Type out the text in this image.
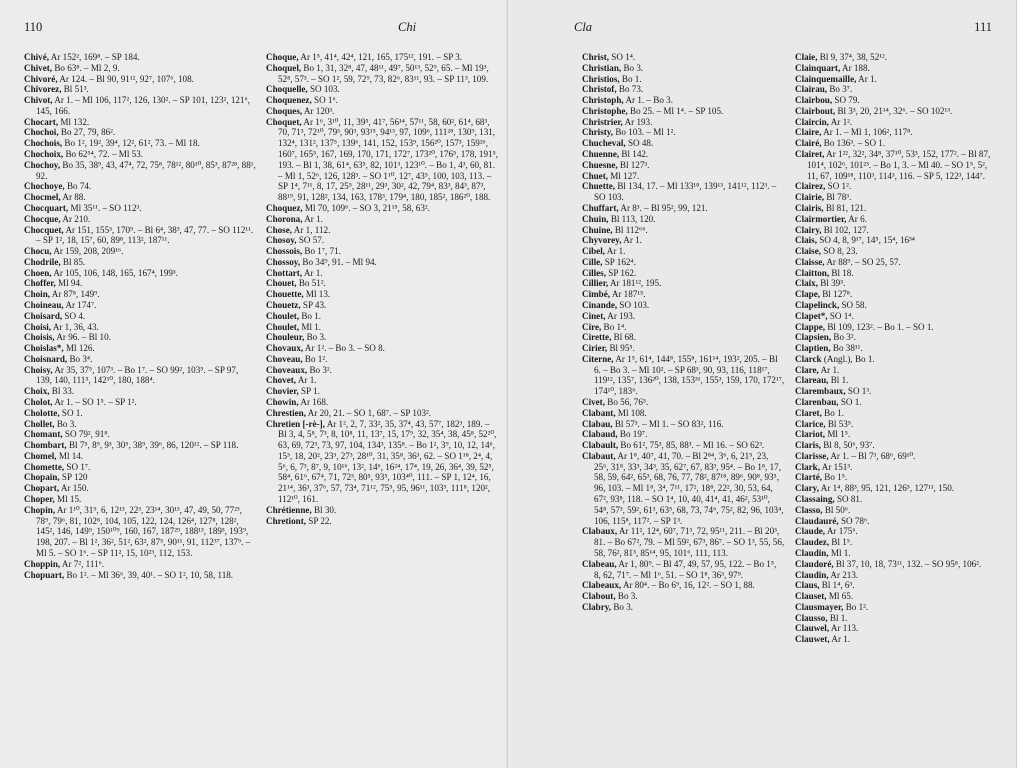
110	Chi
Chivé, Ar 152², 169⁸. – SP 184.
Chivet, Bo 63⁸. – Ml 2, 9.
Chivoré, Ar 124. – Bl 90, 91¹², 92⁷, 107⁶, 108.
Chivorez, Bl 51³.
Chivot, Ar 1. – Ml 106, 117², 126, 130². – SP 101, 123², 121⁶, 145, 166.
Chocart, Ml 132.
Chochoi, Bo 27, 79, 86².
Chochois, Bo 1², 19², 39⁴, 12², 61², 73. – Ml 18.
Chochoix, Bo 62⁵⁴, 72. – Ml 53.
Chochoy, Bo 35, 38⁹, 43, 47⁴, 72, 75⁸, 78¹², 80¹⁰, 85³, 87²⁸, 88¹, 92.
Chochoye, Bo 74.
Chocmel, Ar 88.
Chocquart, Ml 35¹¹. – SO 112³.
Chocque, Ar 210.
Chocquet, Ar 151, 155³, 170⁹. – Bl 6⁴, 38³, 47, 77. – SO 112¹¹. – SP 1², 18, 15⁷, 60, 89⁸, 113², 187¹¹.
Chocu, Ar 159, 208, 209¹⁶.
Chodrile, Bl 85.
Choen, Ar 105, 106, 148, 165, 167⁴, 199³.
Choffer, Ml 94.
Choin, Ar 87⁸, 149⁹.
Choineau, Ar 174⁷.
Choisard, SO 4.
Choisi, Ar 1, 36, 43.
Choisis, Ar 96. – Bl 10.
Choislas*, Ml 126.
Choisnard, Bo 3⁴.
Choisy, Ar 35, 37⁵, 107³. – Bo 1⁷. – SO 99², 103⁵. – SP 97, 139, 140, 111⁵, 142¹⁰, 180, 188⁴.
Choix, Bl 33.
Cholot, Ar 1. – SO 1⁵. – SP 1².
Cholotte, SO 1.
Chollet, Bo 3.
Chomant, SO 79², 91⁸.
Chombart, Bl 7⁵, 8⁹, 9³, 30⁵, 38⁹, 39⁶, 86, 120¹². – SP 118.
Chomel, Ml 14.
Chomette, SO 1⁷.
Chopain, SP 120
Chopart, Ar 150.
Choper, Ml 15.
Chopin, Ar 1¹⁰, 31⁹, 6, 12¹³, 22³, 23¹⁴, 30¹³, 47, 49, 50, 77²³, 78⁹, 79⁶, 81, 102⁸, 104, 105, 122, 124, 126⁴, 127⁸, 128², 145², 146, 149⁹, 150¹⁰⁹, 160, 167, 187²⁹, 188¹³, 189³, 193⁹, 198, 207. – Bl 1², 36², 51², 63², 87⁵, 90¹¹, 91, 112³⁷, 137⁹. – Ml 5. – SO 1⁶. – SP 11², 15, 10²³, 112, 153.
Choppin, Ar 7², 111⁶.
Chopuart, Bo 1². – Ml 36⁶, 39, 40¹. – SO 1², 10, 58, 118.
Choque, Ar 1⁵, 41⁴, 42⁴, 121, 165, 175¹², 191. – SP 3.
Choquel, Bo 1, 31, 32⁸, 47, 48¹¹, 49⁷, 50¹³, 52⁹, 65. – Ml 19³, 52⁸, 57³. – SO 1², 59, 72⁹, 73, 82⁶, 83¹¹, 93. – SP 11³, 109.
Choquelle, SO 103.
Choquenez, SO 1⁶.
Choques, Ar 120³.
Choquet, Ar 1⁶, 3¹⁰, 11, 39⁵, 41⁷, 56¹⁴, 57¹¹, 58, 60², 61⁴, 68³, 70, 71³, 72¹⁰, 79³, 90³, 93¹⁵, 94¹³, 97, 109⁶, 111²⁸, 130⁹, 131, 132⁴, 131², 137⁵, 139⁶, 141, 152, 153⁹, 156²⁰, 157³, 159²⁶, 160⁷, 165⁵, 167, 169, 170, 171, 172⁷, 173²⁰, 176⁵, 178, 191⁵, 193. – Bl 1, 38, 61⁴, 63⁵, 82, 101³, 123¹⁰. – Bo 1, 4³, 60, 81. – Ml 1, 52⁶, 126, 128³. – SO 1¹⁰, 12⁷, 43⁵, 100, 103, 113. – SP 1⁴, 7¹¹, 8, 17, 25⁵, 28¹¹, 29³, 30², 42, 79⁴, 83³, 84³, 87³, 88¹⁹, 91, 128², 134, 163, 178³, 179⁴, 180, 185², 186²⁰, 188.
Choquez, Ml 70, 109⁶. – SO 3, 21¹⁵, 58, 63².
Chorona, Ar 1.
Chose, Ar 1, 112.
Chosoy, SO 57.
Chossois, Bo 1⁷, 71.
Chossoy, Bo 34⁹, 91. – Ml 94.
Chottart, Ar 1.
Chouet, Bo 51².
Chouette, Ml 13.
Chouetz, SP 43.
Choulet, Bo 1.
Choulet, Ml 1.
Chouleur, Bo 3.
Chovaux, Ar 1². – Bo 3. – SO 8.
Choveau, Bo 1².
Choveaux, Bo 3².
Chovet, Ar 1.
Chovier, SP 1.
Chowin, Ar 168.
Chrestien, Ar 20, 21. – SO 1, 68⁷. – SP 103².
Chretien [-rè-], Ar 1², 2, 7, 33², 35, 37⁴, 43, 57⁷, 182³, 189. – Bl 3, 4, 5⁸, 7³, 8, 10⁸, 11, 13⁷, 15, 17⁹, 32, 35⁴, 38, 45⁸, 52²⁰, 63, 69, 72³, 73, 97, 104, 134³, 135⁸. – Bo 1², 3⁹, 10, 12, 14⁶, 15³, 18, 20², 23³, 27³, 28¹⁰, 31, 35⁸, 36³, 62. – SO 1¹⁸, 2⁴, 4, 5⁶, 6, 7³, 8⁷, 9, 10¹⁶, 13², 14⁶, 16²⁴, 17⁴, 19, 26, 36⁴, 39, 52⁵, 58⁴, 61⁶, 67⁴, 71, 72³, 80⁵, 93⁵, 103⁴⁰, 111. – SP 1, 12⁴, 16, 21¹⁴, 36³, 37⁶, 57, 73⁴, 71¹², 75⁵, 95, 96¹¹, 103³, 111⁸, 120², 112¹⁰, 161.
Chrétienne, Bl 30.
Chretiont, SP 22.
Cla	111
Christ, SO 1⁴.
Christian, Bo 3.
Christios, Bo 1.
Christof, Bo 73.
Christoph, Ar 1. – Bo 3.
Christophe, Bo 25. – Ml 1⁴. – SP 105.
Christrier, Ar 193.
Christy, Bo 103. – Ml 1².
Chucheval, SO 48.
Chuenne, Bl 142.
Chuesne, Bl 127³.
Chuet, Ml 127.
Chuette, Bl 134, 17. – Ml 133¹⁸, 139¹³, 141¹², 112³. – SO 103.
Chuffart, Ar 8³. – Bl 95², 99, 121.
Chuin, Bl 113, 120.
Chuine, Bl 112⁶⁶.
Chyvorey, Ar 1.
Cibel, Ar 1.
Cille, SP 162⁴.
Cilles, SP 162.
Cillier, Ar 181¹², 195.
Cimbé, Ar 187¹⁵.
Cinande, SO 103.
Cinet, Ar 193.
Cire, Bo 1⁴.
Cirette, Bl 68.
Cirier, Bl 95⁵.
Citerne, Ar 1⁵, 61⁴, 144⁸, 155⁸, 161¹⁴, 193², 205. – Bl 6. – Bo 3. – Ml 10². – SP 68³, 90, 93, 116, 118¹⁷, 119¹², 135⁷, 136²⁰, 138, 153³¹, 155³, 159, 170, 172¹⁷, 174¹⁰, 183⁶.
Civet, Bo 56, 76⁵.
Clabant, Ml 108.
Clabau, Bl 57³. – Ml 1. – SO 83², 116.
Clabaud, Bo 19⁷.
Clabault, Bo 61², 75³, 85, 88³. – Ml 16. – SO 62³.
Clabaut, Ar 1⁸, 40⁷, 41, 70. – Bl 2⁸⁴, 3⁶, 6, 21⁵, 23, 25⁶, 31⁸, 33³, 34³, 35, 62⁷, 67, 83³, 95⁴. – Bo 1⁸, 17, 58, 59, 64², 65³, 68, 76, 77, 78², 87¹⁸, 89⁶, 90⁸, 93⁵, 96, 103. – Ml 1⁸, 3⁴, 7¹¹, 17², 18⁸, 22², 30, 53, 64, 67², 93⁸, 118. – SO 1⁴, 10, 40, 41⁴, 41, 46², 53¹⁰, 54⁸, 57³, 59², 61³, 63⁵, 68, 73, 74⁶, 75², 82, 96, 103⁴, 106, 115⁸, 117². – SP 1³.
Clabaux, Ar 11², 12⁴, 60⁷, 71³, 72, 95¹¹, 211. – Bl 20³, 81. – Bo 67², 79. – Ml 59², 67³, 86⁷. – SO 1³, 55, 56, 58, 76², 81³, 85¹⁴, 95, 101⁶, 111, 113.
Clabeau, Ar 1, 80⁹. – Bl 47, 49, 57, 95, 122. – Bo 1⁵, 8, 62, 71⁷. – Ml 1⁶, 51. – SO 1⁸, 36³, 97⁹.
Clabeaux, Ar 80⁴. – Bo 6⁹, 16, 12². – SO 1, 88.
Clabout, Bo 3.
Clabry, Bo 3.
Claie, Bl 9, 37⁴, 38, 52¹².
Clainquart, Ar 188.
Clainquemaille, Ar 1.
Clairau, Bo 3⁷.
Clairbou, SO 79.
Clairbout, Bl 3³, 20, 21¹⁴, 32⁶. – SO 102¹³.
Claircin, Ar 1².
Claire, Ar 1. – Ml 1, 106², 117⁸.
Clairé, Bo 136³. – SO 1.
Clairet, Ar 1²², 32², 34⁸, 37¹⁰, 53³, 152, 177². – Bl 87, 101⁴, 102⁶, 101²³. – Bo 1, 3. – Ml 40. – SO 1⁵, 5², 11, 67, 109¹⁸, 110³, 114³, 116. – SP 5, 122³, 144⁷.
Clairez, SO 1².
Clairie, Bl 78³.
Clairis, Bl 81, 121.
Clairmortier, Ar 6.
Clairy, Bl 102, 127.
Clais, SO 4, 8, 9¹⁷, 14⁵, 15⁴, 16³⁴
Claise, SO 8, 23.
Claisse, Ar 88⁹. – SO 25, 57.
Claitton, Bl 18.
Claix, Bl 39³.
Clape, Bl 127⁸.
Clapelinck, SO 58.
Clapet*, SO 1⁴.
Clappe, Bl 109, 123². – Bo 1. – SO 1.
Clapsien, Bo 3².
Claptien, Bo 38¹¹.
Clarck (Angl.), Bo 1.
Clare, Ar 1.
Clareau, Bl 1.
Clarembaux, SO 1³.
Clarenbau, SO 1.
Claret, Bo 1.
Clarice, Bl 53⁵.
Clariot, Ml 1⁵.
Claris, Bl 8, 50⁶, 93⁷.
Clarisse, Ar 1. – Bl 7³, 68⁶, 69¹⁰.
Clark, Ar 151³.
Clarté, Bo 1⁵.
Clary, Ar 1⁴, 88³, 95, 121, 126⁵, 127¹¹, 150.
Classaing, SO 81.
Classo, Bl 50⁶.
Claudauré, SO 78⁶.
Claude, Ar 175⁶.
Claudez, Bl 1⁵.
Claudin, Ml 1.
Claudoré, Bl 37, 10, 18, 73¹¹, 132. – SO 95⁸, 106².
Claudin, Ar 213.
Claus, Bl 1⁴, 6³.
Clauset, Ml 65.
Clausmayer, Bo 1².
Clausso, Bl 1.
Clauwel, Ar 113.
Clauwet, Ar 1.
